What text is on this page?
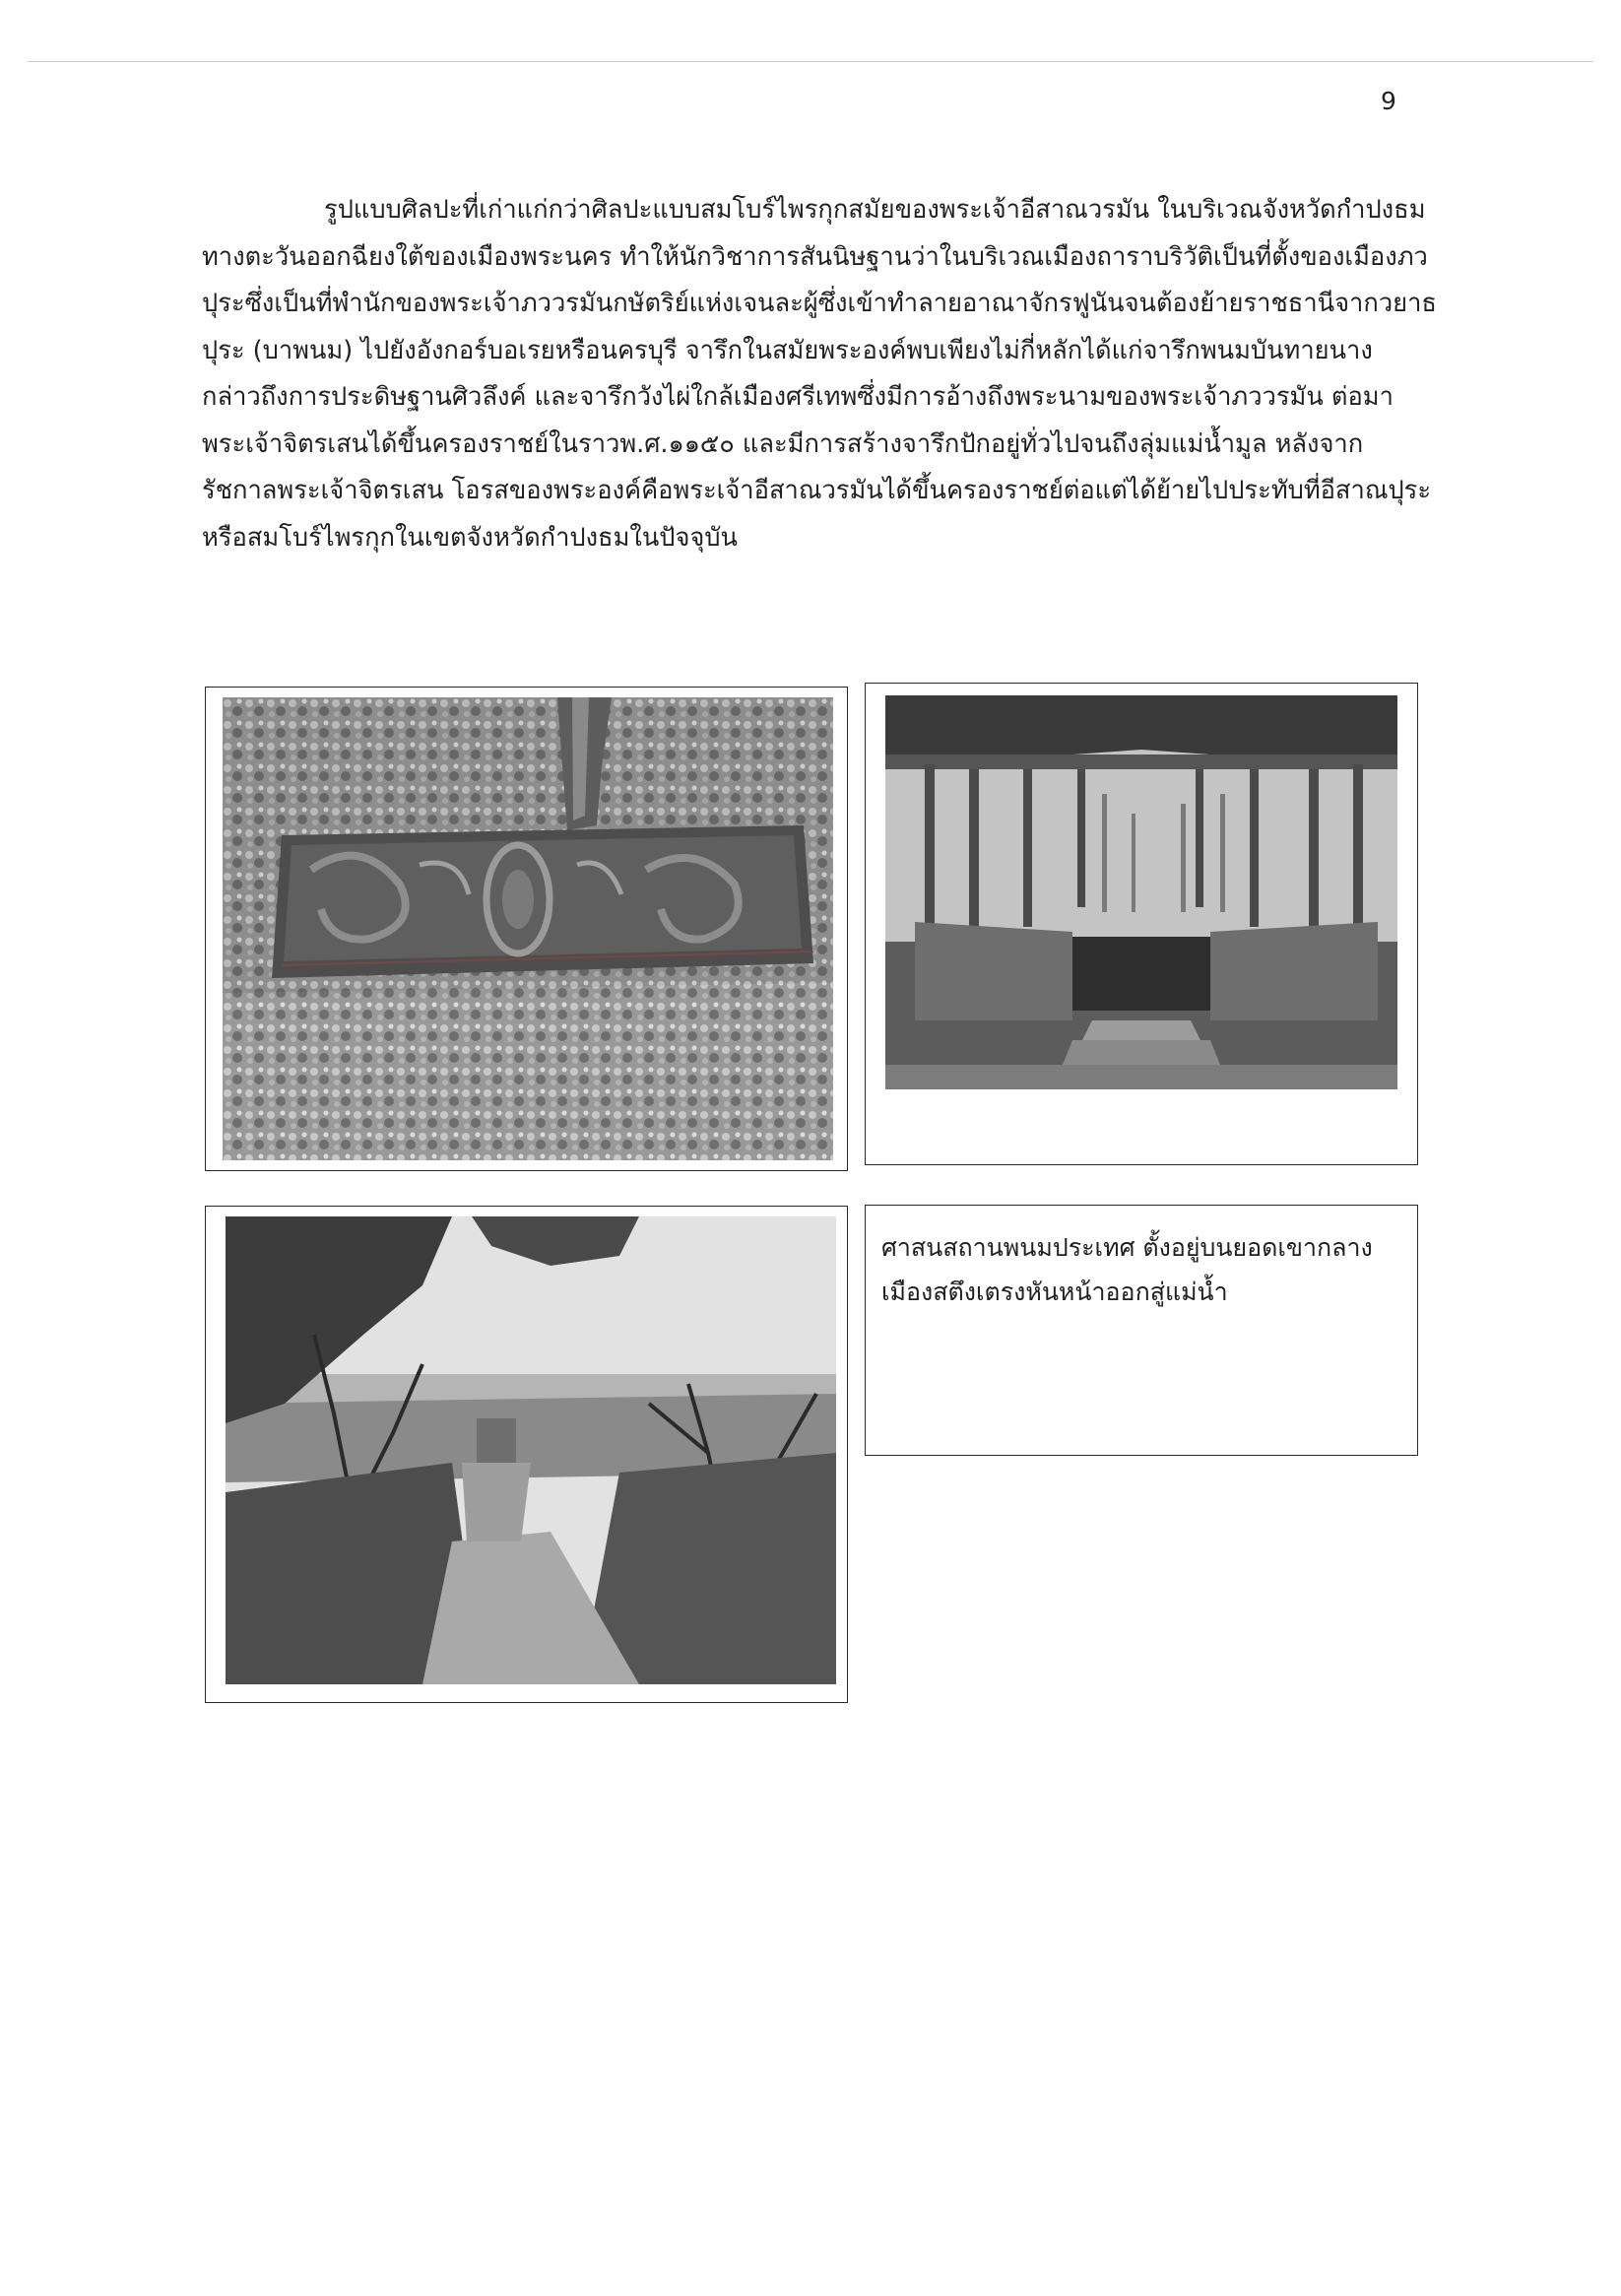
9
รูปแบบศิลปะที่เก่าแก่กว่าศิลปะแบบสมโบร์ไพรกุกสมัยของพระเจ้าอีสาณวรมัน ในบริเวณจังหวัดกำปงธม
ทางตะวันออกฉียงใต้ของเมืองพระนคร ทำให้นักวิชาการสันนิษฐานว่าในบริเวณเมืองถาราบริวัติเป็นที่ตั้งของเมืองภว
ปุระซึ่งเป็นที่พำนักของพระเจ้าภววรมันกษัตริย์แห่งเจนละผู้ซึ่งเข้าทำลายอาณาจักรฟูนันจนต้องย้ายราชธานีจากวยาธ
ปุระ (บาพนม) ไปยังอังกอร์บอเรยหรือนครบุรี จารึกในสมัยพระองค์พบเพียงไม่กี่หลักได้แก่จารึกพนมบันทายนาง
กล่าวถึงการประดิษฐานศิวลึงค์ และจารึกวังไผ่ใกล้เมืองศรีเทพซึ่งมีการอ้างถึงพระนามของพระเจ้าภววรมัน ต่อมา
พระเจ้าจิตรเสนได้ขึ้นครองราชย์ในราวพ.ศ.๑๑๕๐ และมีการสร้างจารึกปักอยู่ทั่วไปจนถึงลุ่มแม่น้ำมูล หลังจาก
รัชกาลพระเจ้าจิตรเสน โอรสของพระองค์คือพระเจ้าอีสาณวรมันได้ขึ้นครองราชย์ต่อแต่ได้ย้ายไปประทับที่อีสาณปุระ
หรือสมโบร์ไพรกุกในเขตจังหวัดกำปงธมในปัจจุบัน
ศาสนสถานพนมประเทศ ตั้งอยู่บนยอดเขากลาง
เมืองสตึงเตรงหันหน้าออกสู่แม่น้ำ
